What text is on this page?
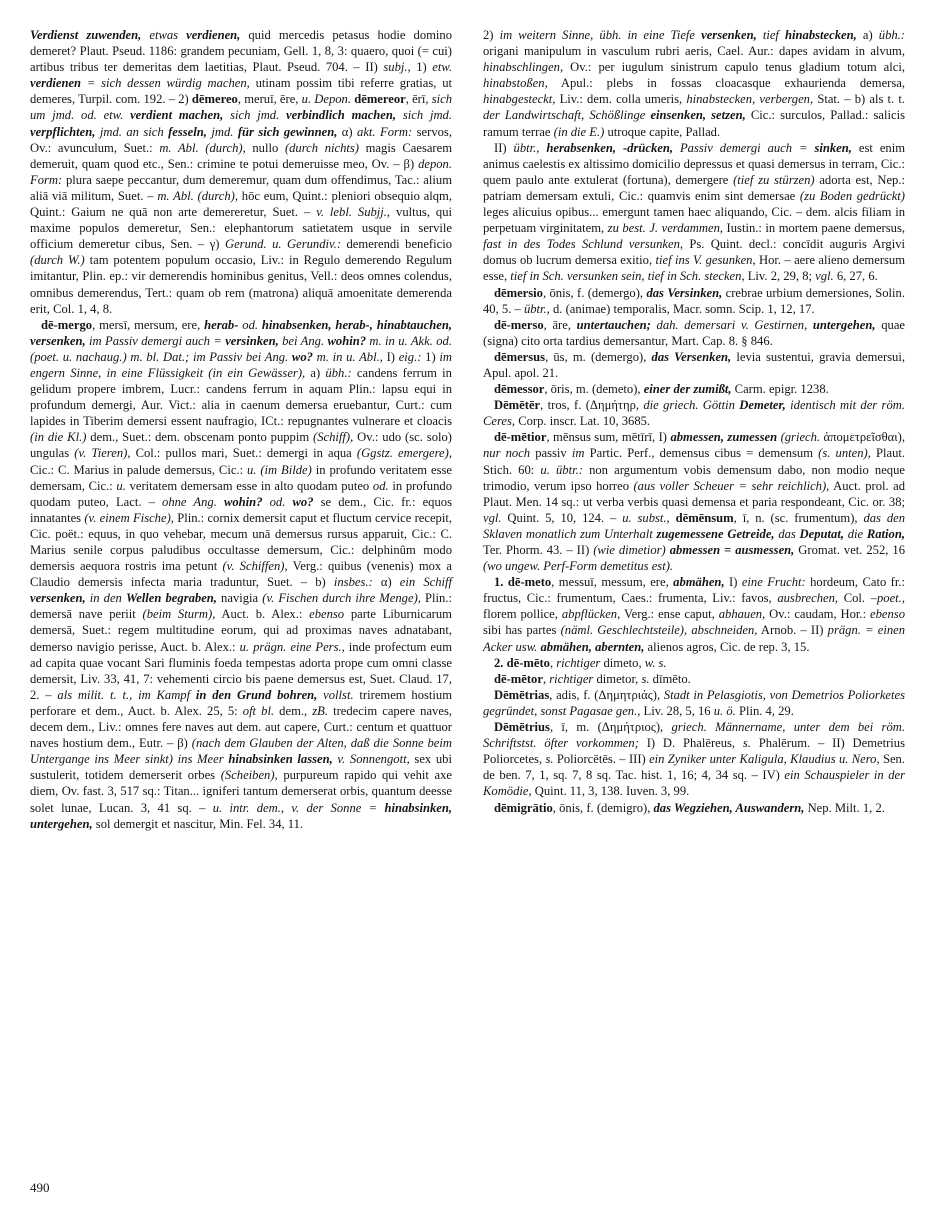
Verdienst zuwenden, etwas verdienen, quid mercedis petasus hodie domino demeret? Plaut. Pseud. 1186: grandem pecuniam, Gell. 1, 8, 3: quaero, quoi (= cui) artibus tribus ter demeritas dem laetitias, Plaut. Pseud. 704. – II) subj., 1) etw. verdienen = sich dessen würdig machen, utinam possim tibi referre gratias, ut demeres, Turpil. com. 192. – 2) dēmereo, meruī, ēre, u. Depon. dēmereor, ērī, sich um jmd. od. etw. verdient machen, sich jmd. verbindlich machen, sich jmd. verpflichten, jmd. an sich fesseln, jmd. für sich gewinnen, α) akt. Form: servos, Ov.: avunculum, Suet.: m. Abl. (durch), nullo (durch nichts) magis Caesarem demeruit, quam quod etc., Sen.: crimine te potui demeruisse meo, Ov. – β) depon. Form: plura saepe peccantur, dum demeremur, quam dum offendimus, Tac.: alium aliā viā militum, Suet. – m. Abl. (durch), hōc eum, Quint.: pleniori obsequio alqm, Quint.: Gaium ne quā non arte demereretur, Suet. – v. lebl. Subjj., vultus, qui maxime populos demeretur, Sen.: elephantorum satietatem usque in servile officium demeretur cibus, Sen. – γ) Gerund. u. Gerundiv.: demerendi beneficio (durch W.) tam potentem populum occasio, Liv.: in Regulo demerendo Regulum imitantur, Plin. ep.: vir demerendis hominibus genitus, Vell.: deos omnes colendus, omnibus demerendus, Tert.: quam ob rem (matrona) aliquā amoenitate demerenda erit, Col. 1, 4, 8.

dē-mergo, mersī, mersum, ere, herab- od. hinabsenken, herab-, hinabtauchen, versenken, im Passiv demergi auch = versinken, bei Ang. wohin? m. in u. Akk. od. (poet. u. nachaug.) m. bl. Dat.; im Passiv bei Ang. wo? m. in u. Abl., I) eig.: 1) im engern Sinne, in eine Flüssigkeit (in ein Gewässer), a) übh.: candens ferrum in gelidum propere imbrem, Lucr.: candens ferrum in aquam Plin.: lapsu equi in profundum demergi, Aur. Vict.: alia in caenum demersa eruebantur, Curt.: cum lapides in Tiberim demersi essent naufragio, ICt.: repugnantes vulnerare et cloacis (in die Kl.) dem., Suet.: dem. obscenam ponto puppim (Schiff), Ov.: udo (sc. solo) ungulas (v. Tieren), Col.: pullos mari, Suet.: demergi in aqua (Ggstz. emergere), Cic.: C. Marius in palude demersus, Cic.: u. (im Bilde) in profundo veritatem esse demersam, Cic.: u. veritatem demersam esse in alto quodam puteo od. in profundo quodam puteo, Lact. – ohne Ang. wohin? od. wo? se dem., Cic. fr.: equos innatantes (v. einem Fische), Plin.: cornix demersit caput et fluctum cervice recepit, Cic. poët.: equus, in quo vehebar, mecum unā demersus rursus apparuit, Cic.: C. Marius senile corpus paludibus occultasse demersum, Cic.: delphinûm modo demersis aequora rostris ima petunt (v. Schiffen), Verg.: quibus (venenis) mox a Claudio demersis infecta maria traduntur, Suet. – b) insbes.: α) ein Schiff versenken, in den Wellen begraben, navigia (v. Fischen durch ihre Menge), Plin.: demersā nave periit (beim Sturm), Auct. b. Alex.: ebenso parte Liburnicarum demersā, Suet.: regem multitudine eorum, qui ad proximas naves adnatabant, demerso navigio perisse, Auct. b. Alex.: u. prägn. eine Pers., inde profectum eum ad capita quae vocant Sari fluminis foeda tempestas adorta prope cum omni classe demersit, Liv. 33, 41, 7: vehementi circio bis paene demersus est, Suet. Claud. 17, 2. – als milit. t. t., im Kampf in den Grund bohren, vollst. triremem hostium perforare et dem., Auct. b. Alex. 25, 5: oft bl. dem., zB. tredecim capere naves, decem dem., Liv.: omnes fere naves aut dem. aut capere, Curt.: centum et quattuor naves hostium dem., Eutr. – β) (nach dem Glauben der Alten, daß die Sonne beim Untergange ins Meer sinkt) ins Meer hinabsinken lassen, v. Sonnengott, sex ubi sustulerit, totidem demerserit orbes (Scheiben), purpureum rapido qui vehit axe diem, Ov. fast. 3, 517 sq.: Titan... igniferi tantum demerserat orbis, quantum deesse solet lunae, Lucan. 3, 41 sq. – u. intr. dem., v. der Sonne = hinabsinken, untergehen, sol demergit et nascitur, Min. Fel. 34, 11.

2) im weitern Sinne, übh. in eine Tiefe versenken, tief hinabstecken, a) übh.: origani manipulum in vasculum rubri aeris, Cael. Aur.: dapes avidam in alvum, hinabschlingen, Ov.: per iugulum sinistrum capulo tenus gladium totum alci, hinabstoßen, Apul.: plebs in fossas cloacasque exhaurienda demersa, hinabgesteckt, Liv.: dem. colla umeris, hinabstecken, verbergen, Stat. – b) als t. t. der Landwirtschaft, Schößlinge einsenken, setzen, Cic.: surculos, Pallad.: salicis ramum terrae (in die E.) utroque capite, Pallad.

II) übtr., herabsenken, -drücken, Passiv demergi auch = sinken, est enim animus caelestis ex altissimo domicilio depressus et quasi demersus in terram, Cic.: quem paulo ante extulerat (fortuna), demergere (tief zu stürzen) adorta est, Nep.: patriam demersam extuli, Cic.: quamvis enim sint demersae (zu Boden gedrückt) leges alicuius opibus... emergunt tamen haec aliquando, Cic. – dem. alcis filiam in perpetuam virginitatem, zu best. J. verdammen, Iustin.: in mortem paene demersus, fast in des Todes Schlund versunken, Ps. Quint. decl.: concīdit auguris Argivi domus ob lucrum demersa exitio, tief ins V. gesunken, Hor. – aere alieno demersum esse, tief in Sch. versunken sein, tief in Sch. stecken, Liv. 2, 29, 8; vgl. 6, 27, 6.

dēmersio, ōnis, f. (demergo), das Versinken, crebrae urbium demersiones, Solin. 40, 5. – übtr., d. (animae) temporalis, Macr. somn. Scip. 1, 12, 17.

dē-merso, āre, untertauchen; dah. demersari v. Gestirnen, untergehen, quae (signa) cito orta tardius demersantur, Mart. Cap. 8. § 846.

dēmersus, ūs, m. (demergo), das Versenken, levia sustentui, gravia demersui, Apul. apol. 21.

dēmessor, ōris, m. (demeto), einer der zumißt, Carm. epigr. 1238.

Dēmētēr, tros, f. (Δημήτηρ, die griech. Göttin Demeter, identisch mit der röm. Ceres, Corp. inscr. Lat. 10, 3685.

dē-mētior, mēnsus sum, mētīrī, I) abmessen, zumessen (griech. ἀπομετρεῖσθαι), nur noch passiv im Partic. Perf., demensus cibus = demensum (s. unten), Plaut. Stich. 60: u. übtr.: non argumentum vobis demensum dabo, non modio neque trimodio, verum ipso horreo (aus voller Scheuer = sehr reichlich), Auct. prol. ad Plaut. Men. 14 sq.: ut verba verbis quasi demensa et paria respondeant, Cic. or. 38; vgl. Quint. 5, 10, 124. – u. subst., dēmēnsum, ī, n. (sc. frumentum), das den Sklaven monatlich zum Unterhalt zugemessene Getreide, das Deputat, die Ration, Ter. Phorm. 43. – II) (wie dimetior) abmessen = ausmessen, Gromat. vet. 252, 16 (wo ungew. Perf-Form demetitus est).

1. dē-meto, messuī, messum, ere, abmähen, I) eine Frucht: hordeum, Cato fr.: fructus, Cic.: frumentum, Caes.: frumenta, Liv.: favos, ausbrechen, Col. –poet., florem pollice, abpflücken, Verg.: ense caput, abhauen, Ov.: caudam, Hor.: ebenso sibi has partes (näml. Geschlechtsteile), abschneiden, Arnob. – II) prägn. = einen Acker usw. abmähen, abernten, alienos agros, Cic. de rep. 3, 15.

2. dē-mēto, richtiger dimeto, w. s.

dē-mētor, richtiger dimetor, s. dīmēto.

Dēmētrias, adis, f. (Δημητριάς), Stadt in Pelasgiotis, von Demetrios Poliorketes gegründet, sonst Pagasae gen., Liv. 28, 5, 16 u. ö. Plin. 4, 29.

Dēmētrius, ī, m. (Δημήτριος), griech. Männername, unter dem bei röm. Schriftstst. öfter vorkommen; I) D. Phalēreus, s. Phalērum. – II) Demetrius Poliorcetes, s. Poliorcētēs. – III) ein Zyniker unter Kaligula, Klaudius u. Nero, Sen. de ben. 7, 1, sq. 7, 8 sq. Tac. hist. 1, 16; 4, 34 sq. – IV) ein Schauspieler in der Komödie, Quint. 11, 3, 138. Iuven. 3, 99.

dēmigrātio, ōnis, f. (demigro), das Wegziehen, Auswandern, Nep. Milt. 1, 2.

490
